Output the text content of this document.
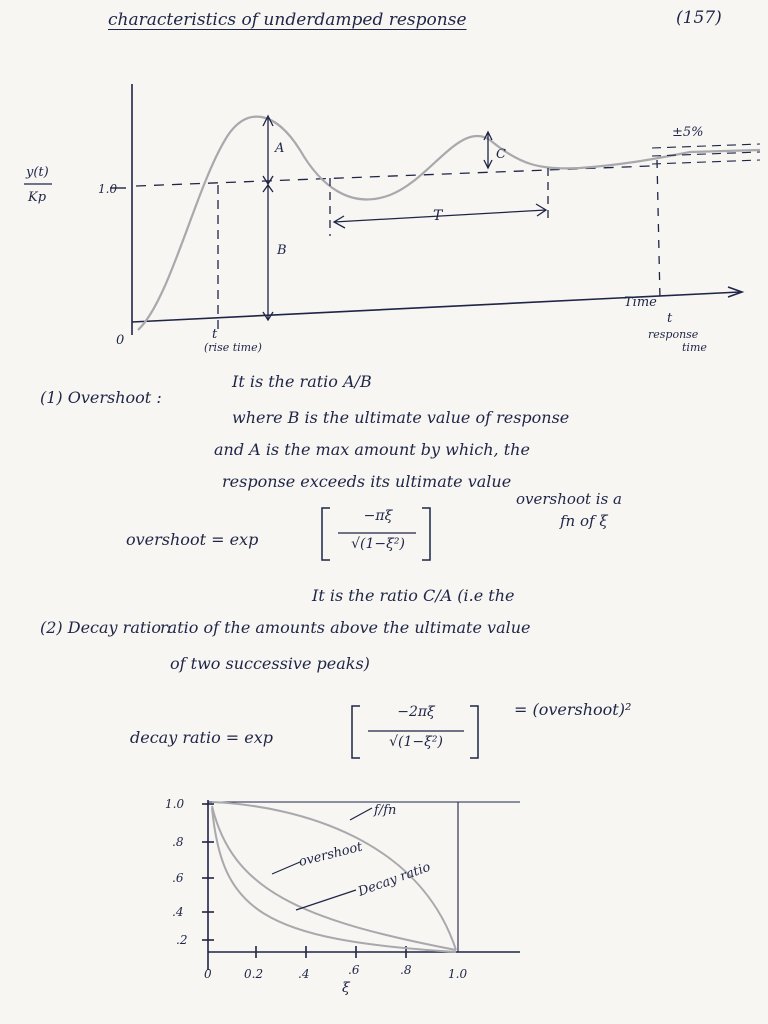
characteristics of underdamped response	(157)
y(t)
Kp
1.0
0
A
B
C
T
±5%
Time
t
(rise time)
t
response
time
(1) Overshoot :
It is the ratio A/B
where B is the ultimate value of response
and A is the max amount by which, the
response exceeds its ultimate value
overshoot is a
fn of ξ
overshoot = exp
−πξ
√(1−ξ²)
(2) Decay ratio :
It is the ratio C/A (i.e the
ratio of the amounts above the ultimate value
of two successive peaks)
decay ratio = exp
−2πξ
√(1−ξ²)
= (overshoot)²
1.0
.8
.6
.4
.2
0	0.2	.4	.6	.8	1.0
ξ
f/fn
overshoot
Decay ratio
